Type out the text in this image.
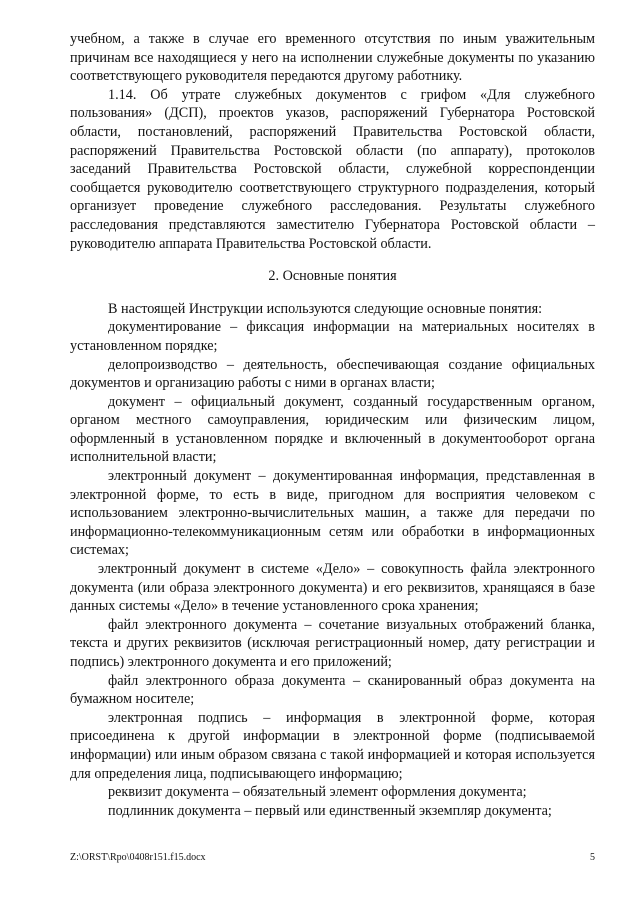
учебном, а также в случае его временного отсутствия по иным уважительным причинам все находящиеся у него на исполнении служебные документы по указанию соответствующего руководителя передаются другому работнику.

1.14. Об утрате служебных документов с грифом «Для служебного пользования» (ДСП), проектов указов, распоряжений Губернатора Ростовской области, постановлений, распоряжений Правительства Ростовской области, распоряжений Правительства Ростовской области (по аппарату), протоколов заседаний Правительства Ростовской области, служебной корреспонденции сообщается руководителю соответствующего структурного подразделения, который организует проведение служебного расследования. Результаты служебного расследования представляются заместителю Губернатора Ростовской области – руководителю аппарата Правительства Ростовской области.

2. Основные понятия

В настоящей Инструкции используются следующие основные понятия:

документирование – фиксация информации на материальных носителях в установленном порядке;

делопроизводство – деятельность, обеспечивающая создание официальных документов и организацию работы с ними в органах власти;

документ – официальный документ, созданный государственным органом, органом местного самоуправления, юридическим или физическим лицом, оформленный в установленном порядке и включенный в документооборот органа исполнительной власти;

электронный документ – документированная информация, представленная в электронной форме, то есть в виде, пригодном для восприятия человеком с использованием электронно-вычислительных машин, а также для передачи по информационно-телекоммуникационным сетям или обработки в информационных системах;

электронный документ в системе «Дело» – совокупность файла электронного документа (или образа электронного документа) и его реквизитов, хранящаяся в базе данных системы «Дело» в течение установленного срока хранения;

файл электронного документа – сочетание визуальных отображений бланка, текста и других реквизитов (исключая регистрационный номер, дату регистрации и подпись) электронного документа и его приложений;

файл электронного образа документа – сканированный образ документа на бумажном носителе;

электронная подпись – информация в электронной форме, которая присоединена к другой информации в электронной форме (подписываемой информации) или иным образом связана с такой информацией и которая используется для определения лица, подписывающего информацию;

реквизит документа – обязательный элемент оформления документа;

подлинник документа – первый или единственный экземпляр документа;

Z:\ORST\Rpo\0408r151.f15.docx	5
